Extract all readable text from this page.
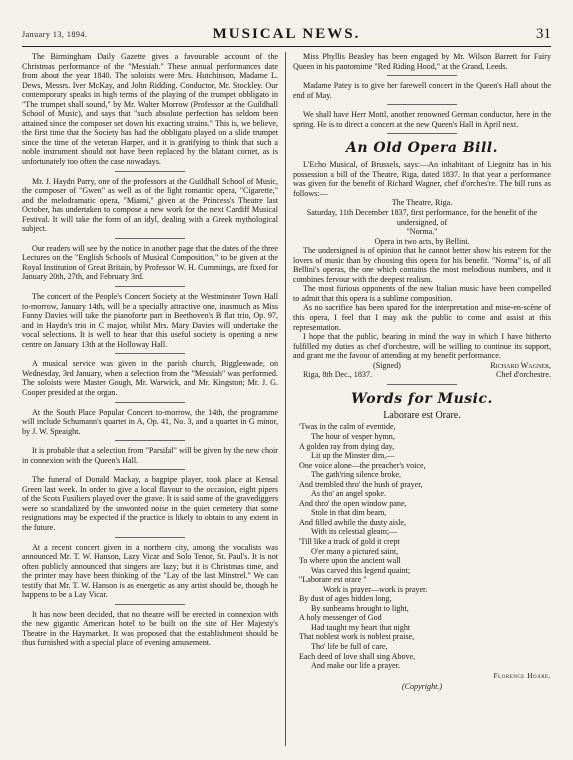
January 13, 1894.	MUSICAL NEWS.	31

The Birmingham Daily Gazette gives a favourable account of the Christmas performance of the "Messiah." These annual performances date from about the year 1840. The soloists were Mrs. Hutchinson, Madame L. Dews, Messrs. Iver McKay, and John Ridding. Conductor, Mr. Stockley. Our contemporary speaks in high terms of the playing of the trumpet obbligato in "The trumpet shall sound," by Mr. Walter Morrow (Professor at the Guildhall School of Music), and says that "such absolute perfection has seldom been attained since the composer set down his exacting strains." This is, we believe, the first time that the Society has had the obbligato played on a slide trumpet since the time of the veteran Harper, and it is gratifying to think that such a noble instrument should not have been replaced by the blatant cornet, as is unfortunately too often the case nowadays.

Mr. J. Haydn Parry, one of the professors at the Guildhall School of Music, the composer of "Gwen" as well as of the light romantic opera, "Cigarette," and the melodramatic opera, "Miami," given at the Princess's Theatre last October, has undertaken to compose a new work for the next Cardiff Musical Festival. It will take the form of an idyl, dealing with a Greek mythological subject.

Our readers will see by the notice in another page that the dates of the three Lectures on the "English Schools of Musical Composition," to be given at the Royal Institution of Great Britain, by Professor W. H. Cummings, are fixed for January 20th, 27th, and February 3rd.

The concert of the People's Concert Society at the Westminster Town Hall to-morrow, January 14th, will be a specially attractive one, inasmuch as Miss Fanny Davies will take the pianoforte part in Beethoven's B flat trio, Op. 97, and in Haydn's trio in C major, whilst Mrs. Mary Davies will undertake the vocal selections. It is well to hear that this useful society is opening a new centre on January 13th at the Holloway Hall.

A musical service was given in the parish church, Biggleswade, on Wednesday, 3rd January, when a selection from the "Messiah" was performed. The soloists were Master Gough, Mr. Warwick, and Mr. Kingston; Mr. J. G. Cooper presided at the organ.

At the South Place Popular Concert to-morrow, the 14th, the programme will include Schumann's quartet in A, Op. 41, No. 3, and a quartet in G minor, by J. W. Speaight.

It is probable that a selection from "Parsifal" will be given by the new choir in connexion with the Queen's Hall.

The funeral of Donald Mackay, a bagpipe player, took place at Kensal Green last week. In order to give a local flavour to the occasion, eight pipers of the Scots Fusiliers played over the grave. It is said some of the gravediggers were so scandalized by the unwonted noise in the quiet cemetery that some resignations may be expected if the practice is likely to obtain to any extent in the future.

At a recent concert given in a northern city, among the vocalists was announced Mr. T. W. Hanson, Lazy Vicar and Solo Tenor, St. Paul's. It is not often publicly announced that singers are lazy; but it is Christmas time, and the printer may have been thinking of the "Lay of the last Minstrel." We can testify that Mr. T. W. Hanson is as energetic as any artist should be, though he happens to be a Lay Vicar.

It has now been decided, that no theatre will be erected in connexion with the new gigantic American hotel to be built on the site of Her Majesty's Theatre in the Haymarket. It was proposed that the establishment should be thus furnished with a special place of evening amusement.

Miss Phyllis Beasley has been engaged by Mr. Wilson Barrett for Fairy Queen in his pantomime "Red Riding Hood," at the Grand, Leeds.

Madame Patey is to give her farewell concert in the Queen's Hall about the end of May.

We shall have Herr Mottl, another renowned German conductor, here in the spring. He is to direct a concert at the new Queen's Hall in April next.

An Old Opera Bill.

L'Echo Musical, of Brussels, says:—An inhabitant of Liegnitz has in his possession a bill of the Theatre, Riga, dated 1837. In that year a performance was given for the benefit of Richard Wagner, chef d'orches're. The bill runs as follows:—

The Theatre, Riga.

Saturday, 11th December 1837, first performance, for the benefit of the undersigned, of

"Norma."

Opera in two acts, by Bellini.

The undersigned is of opinion that he cannot better show his esteem for the lovers of music than by choosing this opera for his benefit. "Norma" is, of all Bellini's operas, the one which contains the most melodious numbers, and it combines fervour with the deepest realism.

The most furious opponents of the new Italian music have been compelled to admit that this opera is a sublime composition.

As no sacrifice has been spared for the interpretation and mise-en-scène of this opera, I feel that I may ask the public to come and assist at this representation.

I hope that the public, bearing in mind the way in which I have hitherto fulfilled my duties as chef d'orchestre, will be willing to continue its support, and grant me the favour of attending at my benefit performance.

(Signed)	Richard Wagner,
Riga, 8th Dec., 1837.	Chef d'orchestre.
Words for Music.
Laborare est Orare.
'Twas in the calm of eventide,
The hour of vesper hymn,
A golden ray from dying day,
Lit up the Minster dim,—
One voice alone—the preacher's voice,
The gath'ring silence broke,
And trembled thro' the hush of prayer,
As tho' an angel spoke.
And thro' the open window pane,
Stole in that dim beam,
And filled awhile the dusty aisle,
With its celestial gleam;—
'Till like a track of gold it crept
O'er many a pictured saint,
To where upon the ancient wall
Was carved this legend quaint;
"Laborare est orare "
Work is prayer—work is prayer.
By dust of ages hidden long,
By sunbeams brought to light,
A holy messenger of God
Had taught my heart that night
That noblest work is noblest praise,
Tho' life be full of care,
Each deed of love shall sing Above,
And make our life a prayer.
Florence Hoare.
(Copyright.)
